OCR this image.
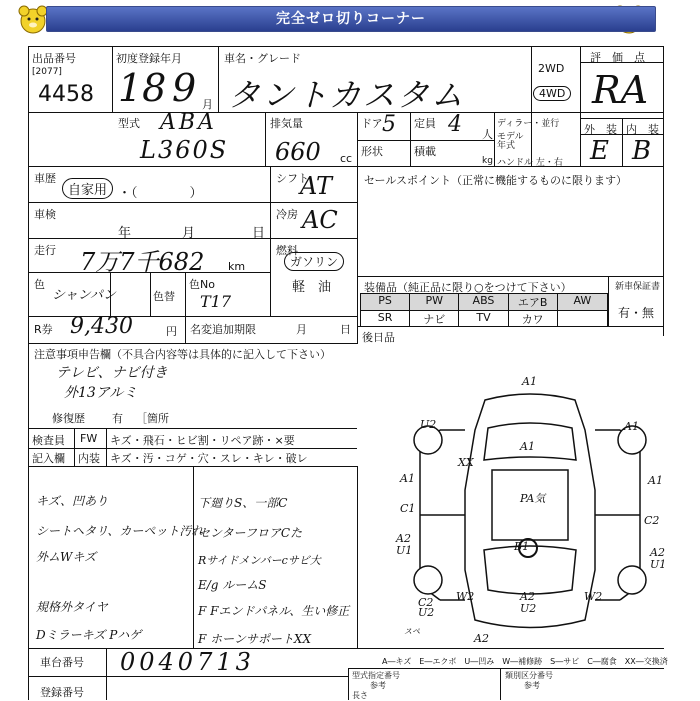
完全ゼロ切りコーナー
出品番号
[2077]
4458
初度登録年月
18 9 月
車名・グレード
タントカスタム
2WD
4WD
評　価　点
RA
外　装 内　装
E B
型式 ABA
L360S
排気量
660 cc
ドア 5 定員 4 人
形状	積載
kg
ディラー・並行
モデル年式
ハンドル 左・右
車歴
自家用 ・（　　　　）
シフト
AT
車検
年	月	日
冷房 AC
走行 7万7千682 km
燃料
ガソリン
軽　油
色
シャンパン	色替
色No
T17
R券 9,430	円 名変追加期限	月	日
セールスポイント（正常に機能するものに限ります）
装備品（純正品に限り○をつけて下さい）	新車保証書
有・無
PS	PW	ABS	エアB	AW
SR	ナビ	TV	カワ
後日品
注意事項申告欄（不具合内容等は具体的に記入して下さい）
テレビ、ナビ付き
外13アルミ
修復歴 有 ［箇所
検査員
記入欄
FW キズ・飛石・ヒビ割・リペア跡・×要
内装 キズ・汚・コゲ・穴・スレ・キレ・破レ
キズ、凹あり
シートヘタリ、カーペット汚れ
外ムWキズ
規格外タイヤ
Dミラーキズ Pハゲ
下廻りS、一部C
センターフロアCた
Rサイドメンバーcサビ大
E/g ルームS
F Fエンドパネル、生い修正
F ホーンサポートXX
A1
U2	A1
A1
XX
A1	A1
C1
PA気
C2
A2
A2
U1
U1
B1
W2	A2
U2
W2
C2
U2
A2
スペ
A―キズ　E―エクボ　U―凹み　W―補修跡　S―サビ　C―腐食　XX―交換済
車台番号 0040713
登録番号
型式指定番号	類別区分番号
参考	参考
長さ
